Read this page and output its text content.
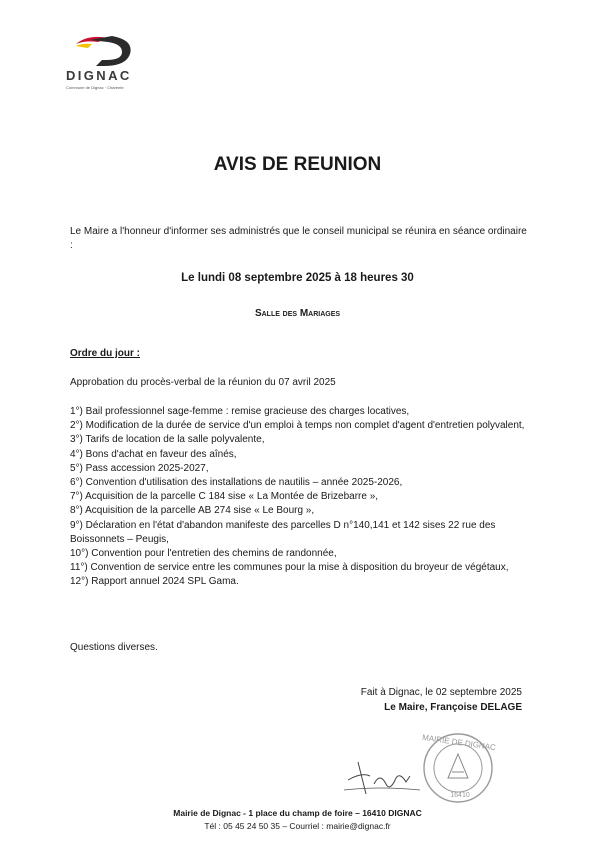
DIGNAC
Commune de Dignac · Charente
AVIS DE REUNION
Le Maire a l'honneur d'informer ses administrés que le conseil municipal se réunira en séance ordinaire :
Le lundi 08 septembre 2025 à 18 heures 30
Salle des Mariages
Ordre du jour :
Approbation du procès-verbal de la réunion du 07 avril 2025
1°) Bail professionnel sage-femme : remise gracieuse des charges locatives,
2°) Modification de la durée de service d'un emploi à temps non complet d'agent d'entretien polyvalent,
3°) Tarifs de location de la salle polyvalente,
4°) Bons d'achat en faveur des aînés,
5°) Pass accession 2025-2027,
6°) Convention d'utilisation des installations de nautilis – année 2025-2026,
7°) Acquisition de la parcelle C 184 sise « La Montée de Brizebarre »,
8°) Acquisition de la parcelle AB 274 sise « Le Bourg »,
9°) Déclaration en l'état d'abandon manifeste des parcelles D n°140,141 et 142 sises 22 rue des Boissonnets – Peugis,
10°) Convention pour l'entretien des chemins de randonnée,
11°) Convention de service entre les communes pour la mise à disposition du broyeur de végétaux,
12°) Rapport annuel 2024 SPL Gama.
Questions diverses.
Fait à Dignac, le 02 septembre 2025
Le Maire, Françoise DELAGE
MAIRIE DE DIGNAC
16410
Mairie de Dignac - 1 place du champ de foire – 16410 DIGNAC
Tél : 05 45 24 50 35 – Courriel : mairie@dignac.fr
